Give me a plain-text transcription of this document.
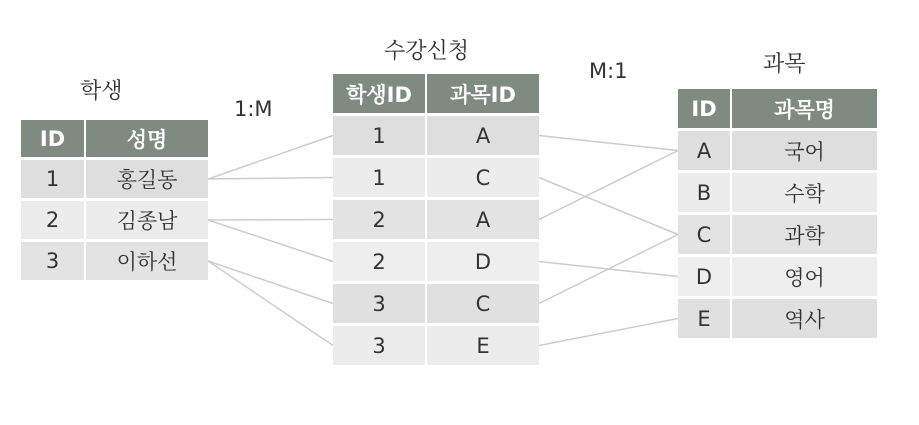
학생
수강신청
과목
1:M
M:1
ID	성명
1	홍길동
2	김종남
3	이하선
학생ID	과목ID
1	A
1	C
2	A
2	D
3	C
3	E
ID	과목명
A	국어
B	수학
C	과학
D	영어
E	역사
